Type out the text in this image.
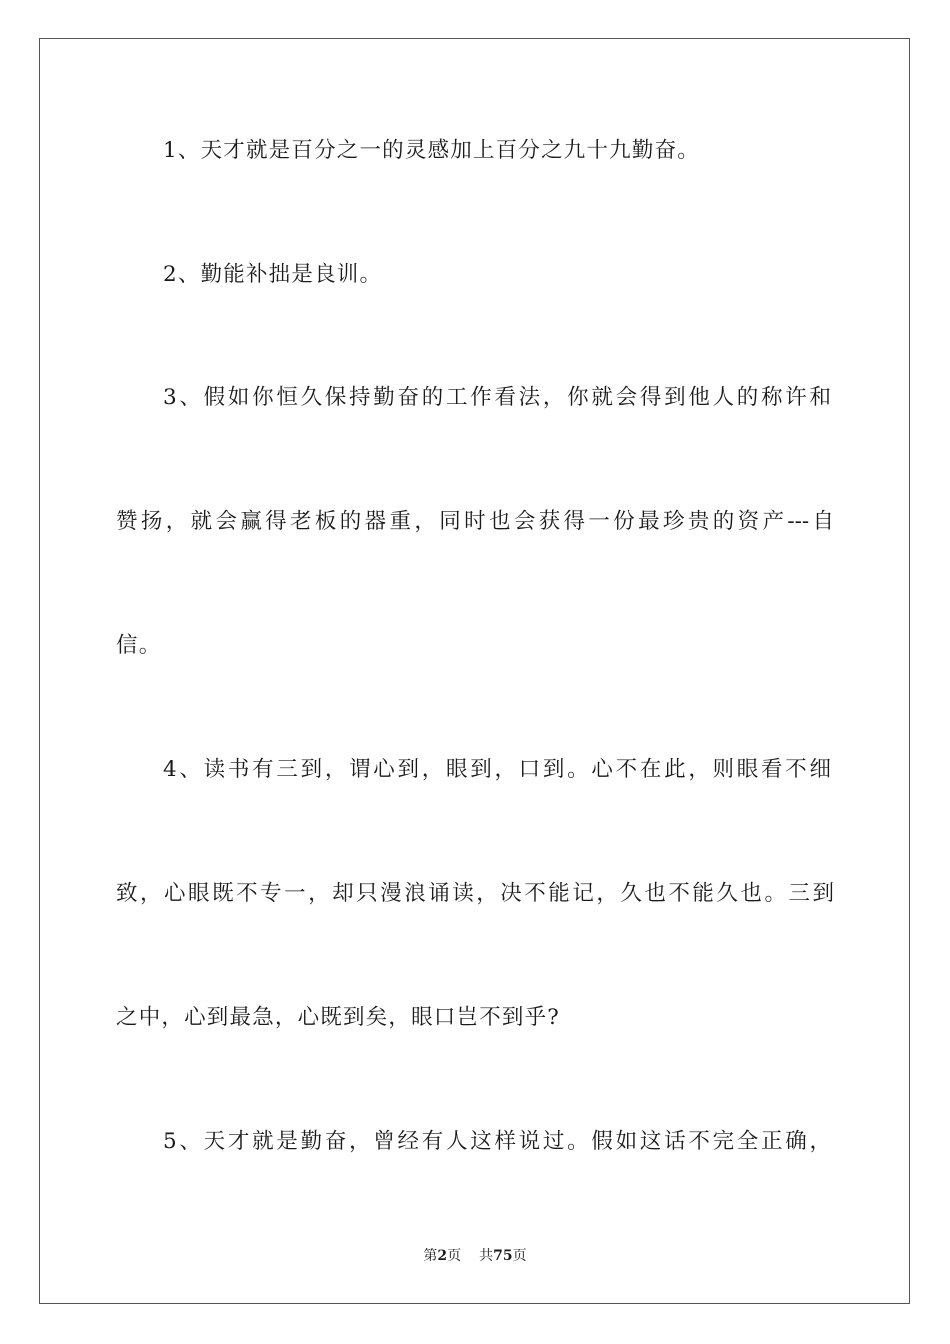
1、天才就是百分之一的灵感加上百分之九十九勤奋。
2、勤能补拙是良训。
3、假如你恒久保持勤奋的工作看法，你就会得到他人的称许和
赞扬，就会赢得老板的器重，同时也会获得一份最珍贵的资产---自
信。
4、读书有三到，谓心到，眼到，口到。心不在此，则眼看不细
致，心眼既不专一，却只漫浪诵读，决不能记，久也不能久也。三到
之中，心到最急，心既到矣，眼口岂不到乎?
5、天才就是勤奋，曾经有人这样说过。假如这话不完全正确，
第2页 共75页
